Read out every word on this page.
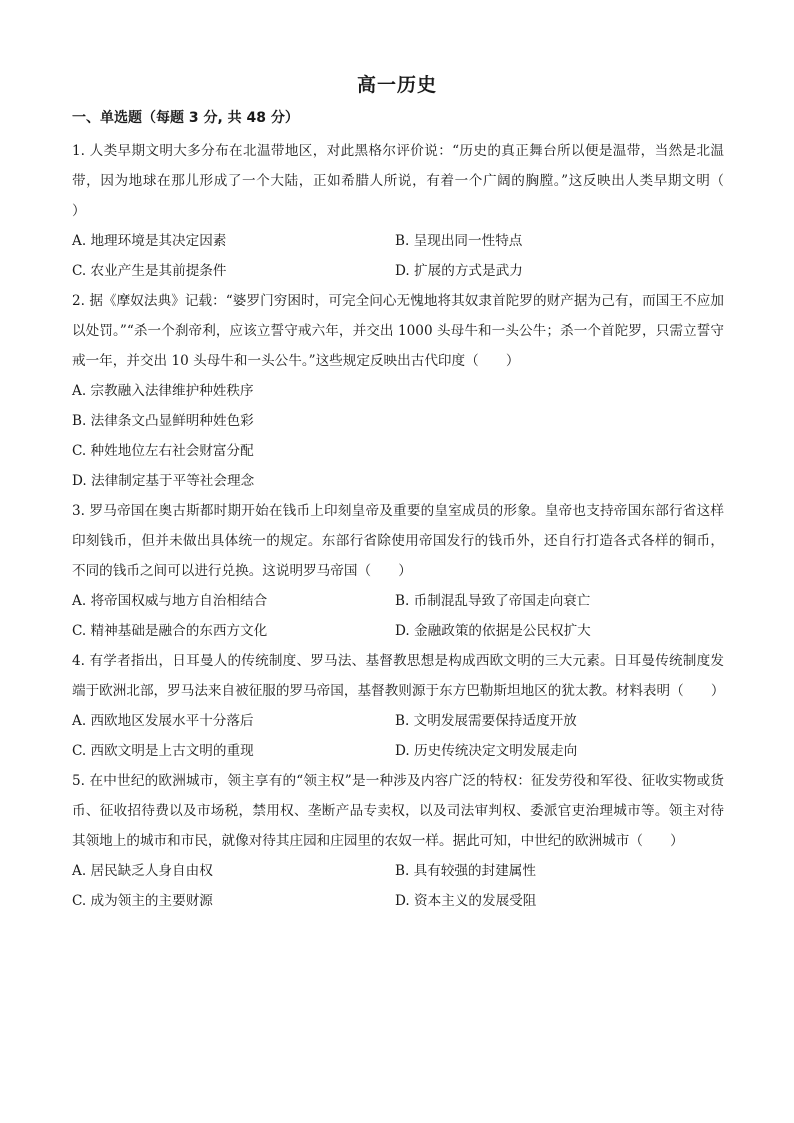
高一历史
一、单选题（每题 3 分, 共 48 分）
1. 人类早期文明大多分布在北温带地区，对此黑格尔评价说：“历史的真正舞台所以便是温带，当然是北温带，因为地球在那儿形成了一个大陆，正如希腊人所说，有着一个广阔的胸膛。”这反映出人类早期文明（　　）
A. 地理环境是其决定因素	B. 呈现出同一性特点
C. 农业产生是其前提条件	D. 扩展的方式是武力
2. 据《摩奴法典》记载：“婆罗门穷困时，可完全问心无愧地将其奴隶首陀罗的财产据为己有，而国王不应加以处罚。”“杀一个刹帝利，应该立誓守戒六年，并交出 1000 头母牛和一头公牛；杀一个首陀罗，只需立誓守戒一年，并交出 10 头母牛和一头公牛。”这些规定反映出古代印度（　　）
A. 宗教融入法律维护种姓秩序
B. 法律条文凸显鲜明种姓色彩
C. 种姓地位左右社会财富分配
D. 法律制定基于平等社会理念
3. 罗马帝国在奥古斯都时期开始在钱币上印刻皇帝及重要的皇室成员的形象。皇帝也支持帝国东部行省这样印刻钱币，但并未做出具体统一的规定。东部行省除使用帝国发行的钱币外，还自行打造各式各样的铜币，不同的钱币之间可以进行兑换。这说明罗马帝国（　　）
A. 将帝国权威与地方自治相结合	B. 币制混乱导致了帝国走向衰亡
C. 精神基础是融合的东西方文化	D. 金融政策的依据是公民权扩大
4. 有学者指出，日耳曼人的传统制度、罗马法、基督教思想是构成西欧文明的三大元素。日耳曼传统制度发端于欧洲北部，罗马法来自被征服的罗马帝国，基督教则源于东方巴勒斯坦地区的犹太教。材料表明（　　）
A. 西欧地区发展水平十分落后	B. 文明发展需要保持适度开放
C. 西欧文明是上古文明的重现	D. 历史传统决定文明发展走向
5. 在中世纪的欧洲城市，领主享有的“领主权”是一种涉及内容广泛的特权：征发劳役和军役、征收实物或货币、征收招待费以及市场税，禁用权、垄断产品专卖权，以及司法审判权、委派官吏治理城市等。领主对待其领地上的城市和市民，就像对待其庄园和庄园里的农奴一样。据此可知，中世纪的欧洲城市（　　）
A. 居民缺乏人身自由权	B. 具有较强的封建属性
C. 成为领主的主要财源	D. 资本主义的发展受阻
